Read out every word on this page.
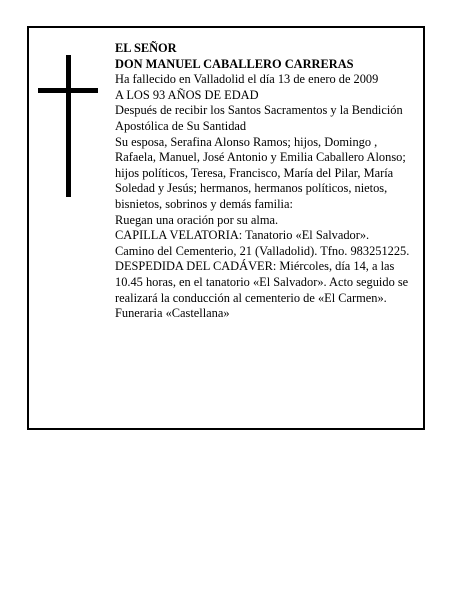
EL SEÑOR

DON MANUEL CABALLERO CARRERAS

Ha fallecido en Valladolid el día 13 de enero de 2009

A LOS 93 AÑOS DE EDAD

Después de recibir los Santos Sacramentos y la Bendición Apostólica de Su Santidad

Su esposa, Serafina Alonso Ramos; hijos, Domingo , Rafaela, Manuel, José Antonio y Emilia Caballero Alonso; hijos políticos, Teresa, Francisco, María del Pilar, María Soledad y Jesús; hermanos, hermanos políticos, nietos, bisnietos, sobrinos y demás familia:

Ruegan una oración por su alma.

CAPILLA VELATORIA: Tanatorio «El Salvador». Camino del Cementerio, 21 (Valladolid). Tfno. 983251225.

DESPEDIDA DEL CADÁVER: Miércoles, día 14, a las 10.45 horas, en el tanatorio «El Salvador». Acto seguido se realizará la conducción al cementerio de «El Carmen».

Funeraria «Castellana»
